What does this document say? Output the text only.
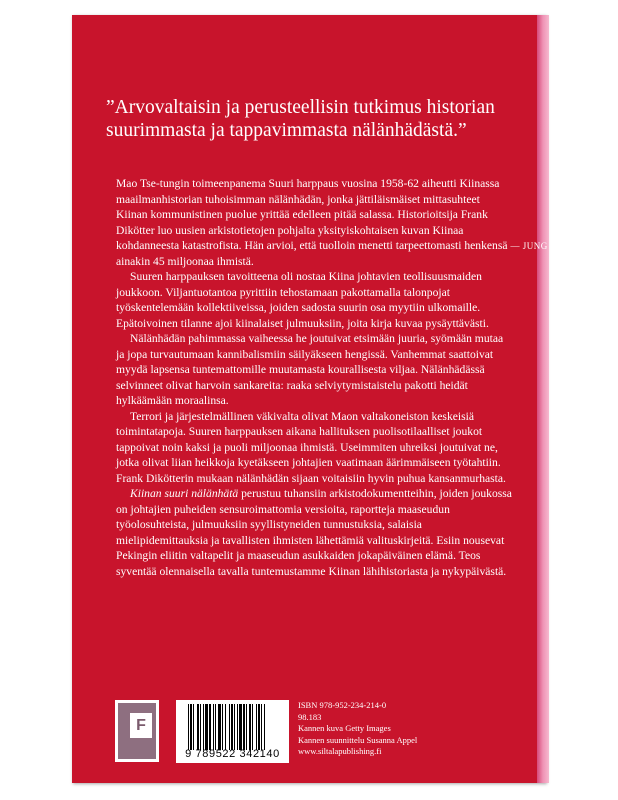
”Arvovaltaisin ja perusteellisin tutkimus historian
suurimmasta ja tappavimmasta nälänhädästä.”
— JUNG CHANG

Mao Tse-tungin toimeenpanema Suuri harppaus vuosina 1958-62 aiheutti Kiinassa maailmanhistorian tuhoisimman nälänhädän, jonka jättiläismäiset mittasuhteet Kiinan kommunistinen puolue yrittää edelleen pitää salassa. Historioitsija Frank Dikötter luo uusien arkistotietojen pohjalta yksityiskohtaisen kuvan Kiinaa kohdanneesta katastrofista. Hän arvioi, että tuolloin menetti tarpeettomasti henkensä ainakin 45 miljoonaa ihmistä.

Suuren harppauksen tavoitteena oli nostaa Kiina johtavien teollisuusmaiden joukkoon. Viljantuotantoa pyrittiin tehostamaan pakottamalla talonpojat työskentelemään kollektiiveissa, joiden sadosta suurin osa myytiin ulkomaille. Epätoivoinen tilanne ajoi kiinalaiset julmuuksiin, joita kirja kuvaa pysäyttävästi.

Nälänhädän pahimmassa vaiheessa he joutuivat etsimään juuria, syömään mutaa ja jopa turvautumaan kannibalismiin säilyäkseen hengissä. Vanhemmat saattoivat myydä lapsensa tuntemattomille muutamasta kourallisesta viljaa. Nälänhädässä selvinneet olivat harvoin sankareita: raaka selviytymistaistelu pakotti heidät hylkäämään moraalinsa.

Terrori ja järjestelmällinen väkivalta olivat Maon valtakoneiston keskeisiä toimintatapoja. Suuren harppauksen aikana hallituksen puolisotilaalliset joukot tappoivat noin kaksi ja puoli miljoonaa ihmistä. Useimmiten uhreiksi joutuivat ne, jotka olivat liian heikkoja kyetäkseen johtajien vaatimaan äärimmäiseen työtahtiin. Frank Dikötterin mukaan nälänhädän sijaan voitaisiin hyvin puhua kansanmurhasta.

Kiinan suuri nälänhätä perustuu tuhansiin arkistodokumentteihin, joiden joukossa on johtajien puheiden sensuroimattomia versioita, raportteja maaseudun työolosuhteista, julmuuksiin syyllistyneiden tunnustuksia, salaisia mielipidemittauksia ja tavallisten ihmisten lähettämiä valituskirjeitä. Esiin nousevat Pekingin eliitin valtapelit ja maaseudun asukkaiden jokapäiväinen elämä. Teos syventää olennaisella tavalla tuntemustamme Kiinan lähihistoriasta ja nykypäivästä.

F
9 789522 342140
ISBN 978-952-234-214-0
98.183
Kannen kuva Getty Images
Kannen suunnittelu Susanna Appel
www.siltalapublishing.fi
